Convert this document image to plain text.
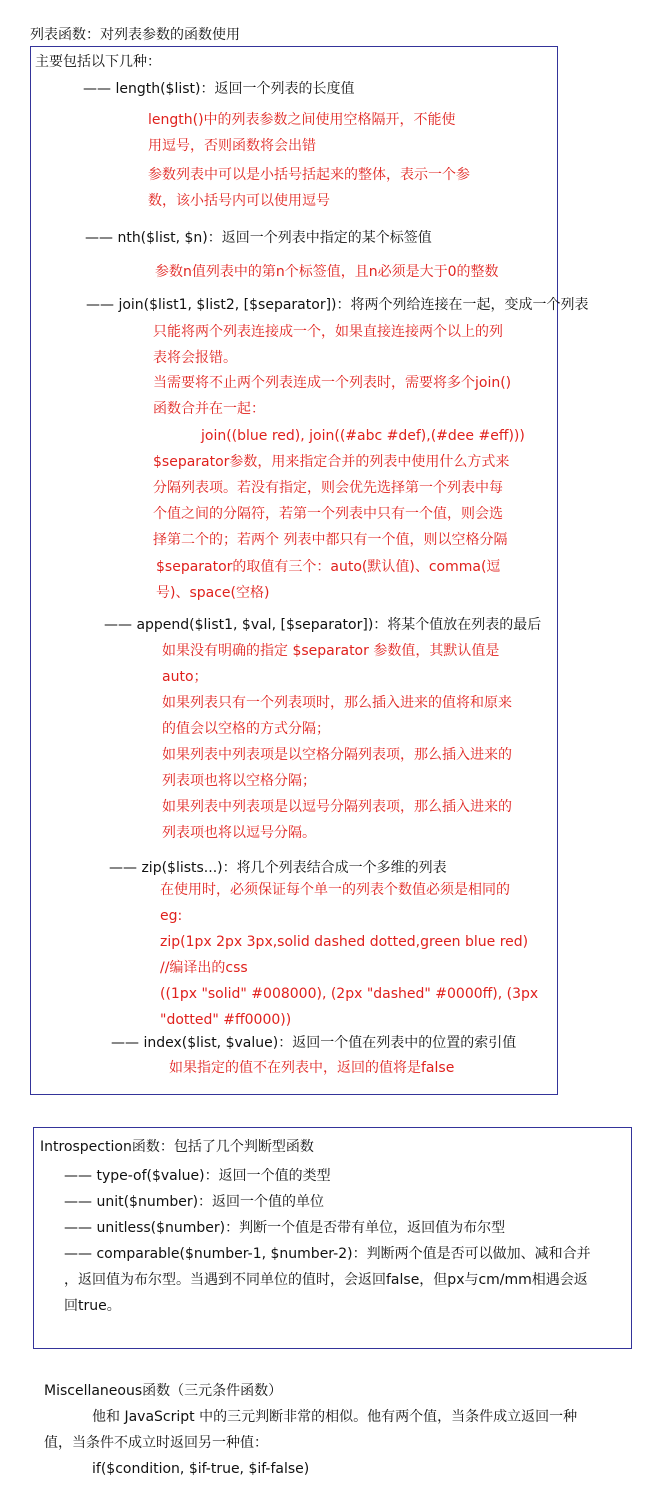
列表函数：对列表参数的函数使用
主要包括以下几种：
—— length($list)：返回一个列表的长度值
length()中的列表参数之间使用空格隔开，不能使
用逗号，否则函数将会出错
参数列表中可以是小括号括起来的整体，表示一个参
数，该小括号内可以使用逗号
—— nth($list, $n)：返回一个列表中指定的某个标签值
参数n值列表中的第n个标签值，且n必须是大于0的整数
—— join($list1, $list2, [$separator])：将两个列给连接在一起，变成一个列表
只能将两个列表连接成一个，如果直接连接两个以上的列
表将会报错。
当需要将不止两个列表连成一个列表时，需要将多个join()
函数合并在一起：
join((blue red), join((#abc #def),(#dee #eff)))
$separator参数，用来指定合并的列表中使用什么方式来
分隔列表项。若没有指定，则会优先选择第一个列表中每
个值之间的分隔符，若第一个列表中只有一个值，则会选
择第二个的；若两个 列表中都只有一个值，则以空格分隔
$separator的取值有三个：auto(默认值)、comma(逗
号)、space(空格)
—— append($list1, $val, [$separator])：将某个值放在列表的最后
如果没有明确的指定 $separator 参数值，其默认值是
auto；
如果列表只有一个列表项时，那么插入进来的值将和原来
的值会以空格的方式分隔；
如果列表中列表项是以空格分隔列表项，那么插入进来的
列表项也将以空格分隔；
如果列表中列表项是以逗号分隔列表项，那么插入进来的
列表项也将以逗号分隔。
—— zip($lists...)：将几个列表结合成一个多维的列表
在使用时，必须保证每个单一的列表个数值必须是相同的
eg:
zip(1px 2px 3px,solid dashed dotted,green blue red)
//编译出的css
((1px "solid" #008000), (2px "dashed" #0000ff), (3px
"dotted" #ff0000))
—— index($list, $value)：返回一个值在列表中的位置的索引值
如果指定的值不在列表中，返回的值将是false
Introspection函数：包括了几个判断型函数
—— type-of($value)：返回一个值的类型
—— unit($number)：返回一个值的单位
—— unitless($number)：判断一个值是否带有单位，返回值为布尔型
—— comparable($number-1, $number-2)：判断两个值是否可以做加、减和合并
，返回值为布尔型。当遇到不同单位的值时，会返回false，但px与cm/mm相遇会返
回true。
Miscellaneous函数（三元条件函数）
他和 JavaScript 中的三元判断非常的相似。他有两个值，当条件成立返回一种
值，当条件不成立时返回另一种值：
if($condition, $if-true, $if-false)
